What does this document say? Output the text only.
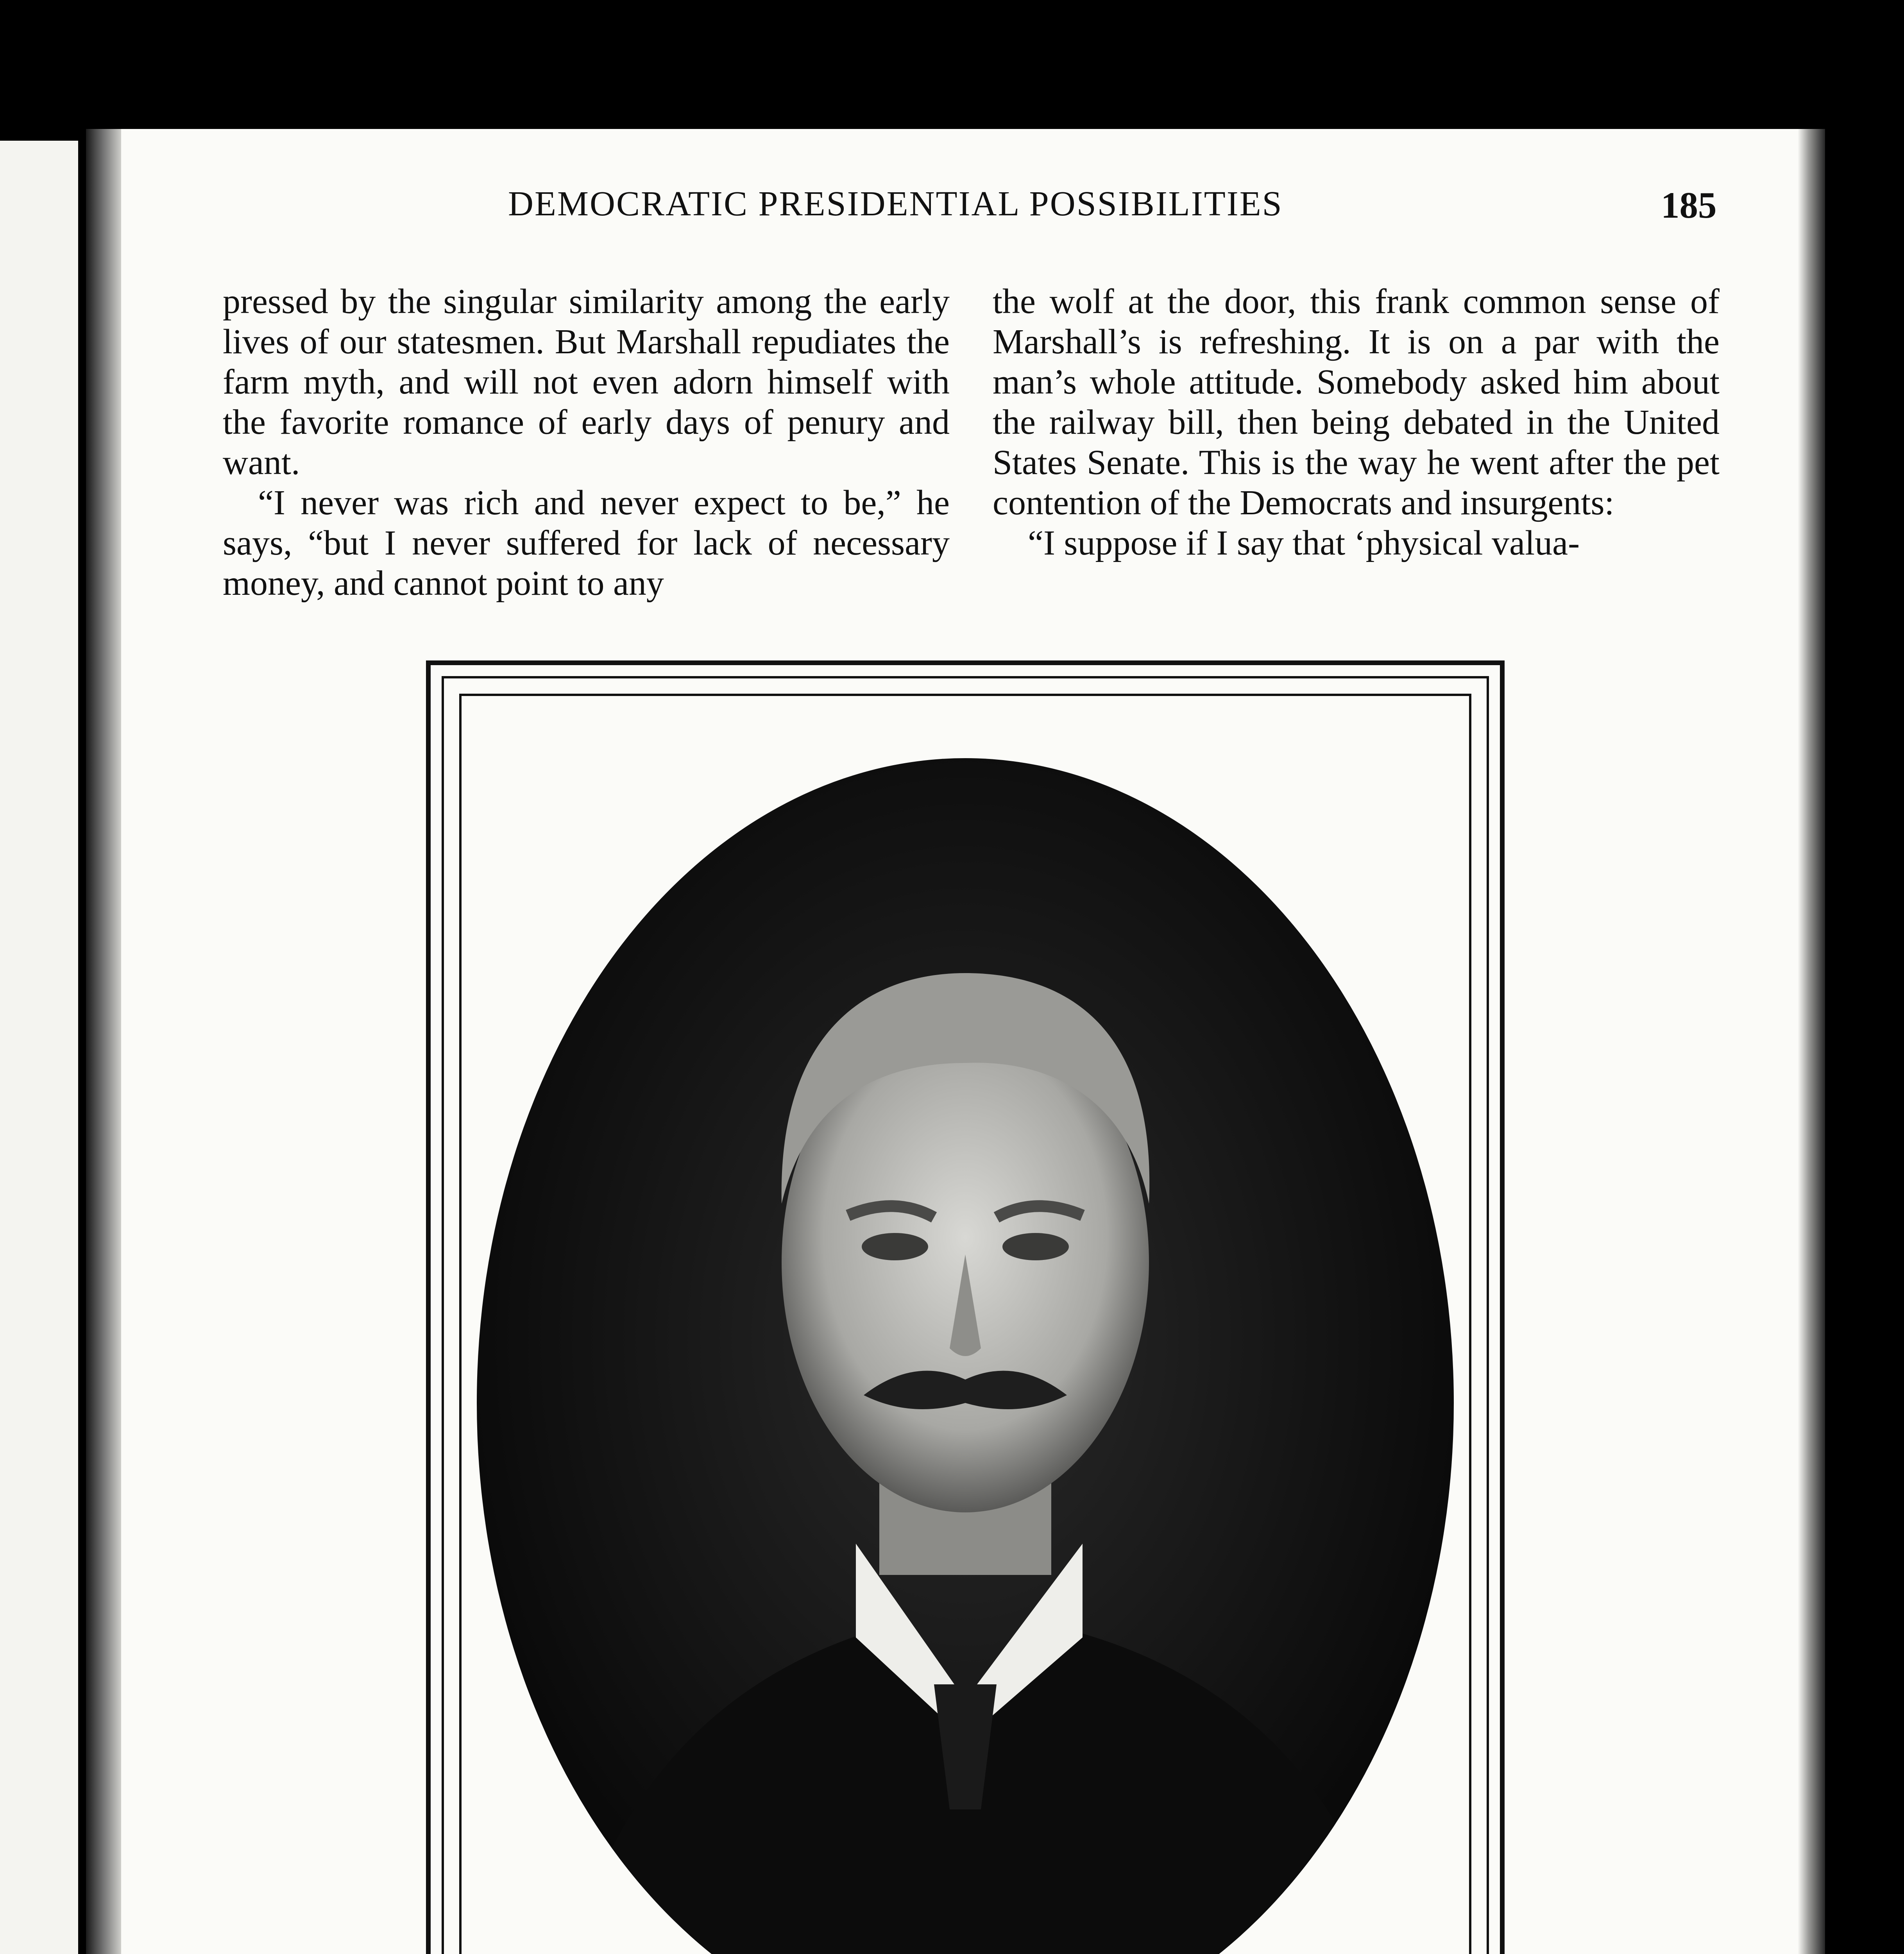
DEMOCRATIC PRESIDENTIAL POSSIBILITIES	185

pressed by the singular similarity among the early lives of our statesmen. But Marshall repudiates the farm myth, and will not even adorn himself with the favorite romance of early days of penury and want.

“I never was rich and never expect to be,” he says, “but I never suffered for lack of necessary money, and cannot point to any

the wolf at the door, this frank common sense of Marshall’s is refreshing. It is on a par with the man’s whole attitude. Somebody asked him about the railway bill, then being debated in the United States Senate. This is the way he went after the pet contention of the Democrats and insurgents:

“I suppose if I say that ‘physical valua-
